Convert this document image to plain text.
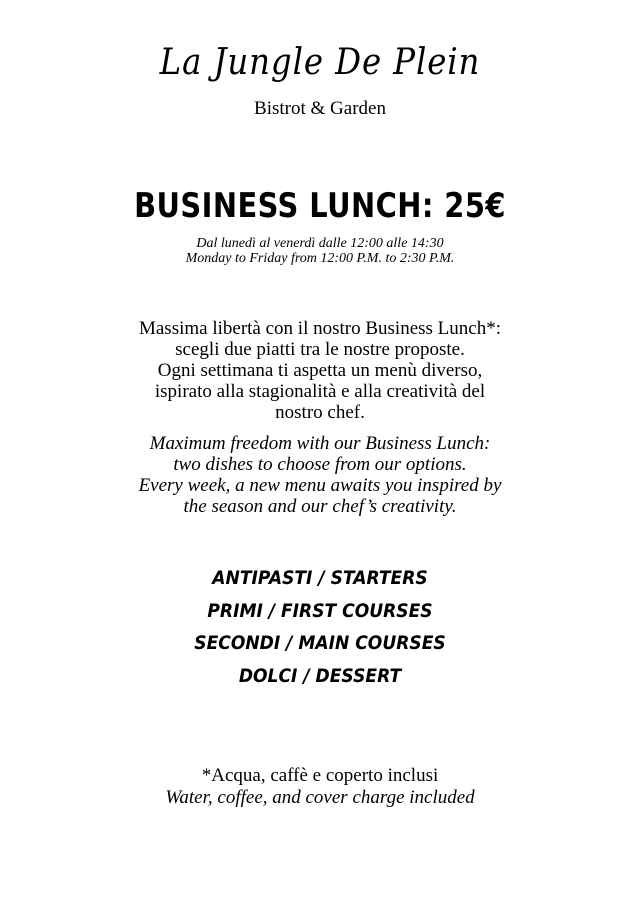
La Jungle De Plein
Bistrot & Garden
BUSINESS LUNCH: 25€
Dal lunedì al venerdì dalle 12:00 alle 14:30
Monday to Friday from 12:00 P.M. to 2:30 P.M.
Massima libertà con il nostro Business Lunch*:
scegli due piatti tra le nostre proposte.
Ogni settimana ti aspetta un menù diverso,
ispirato alla stagionalità e alla creatività del
nostro chef.
Maximum freedom with our Business Lunch:
two dishes to choose from our options.
Every week, a new menu awaits you inspired by
the season and our chef’s creativity.
ANTIPASTI / STARTERS
PRIMI / FIRST COURSES
SECONDI / MAIN COURSES
DOLCI / DESSERT
*Acqua, caffè e coperto inclusi
Water, coffee, and cover charge included
